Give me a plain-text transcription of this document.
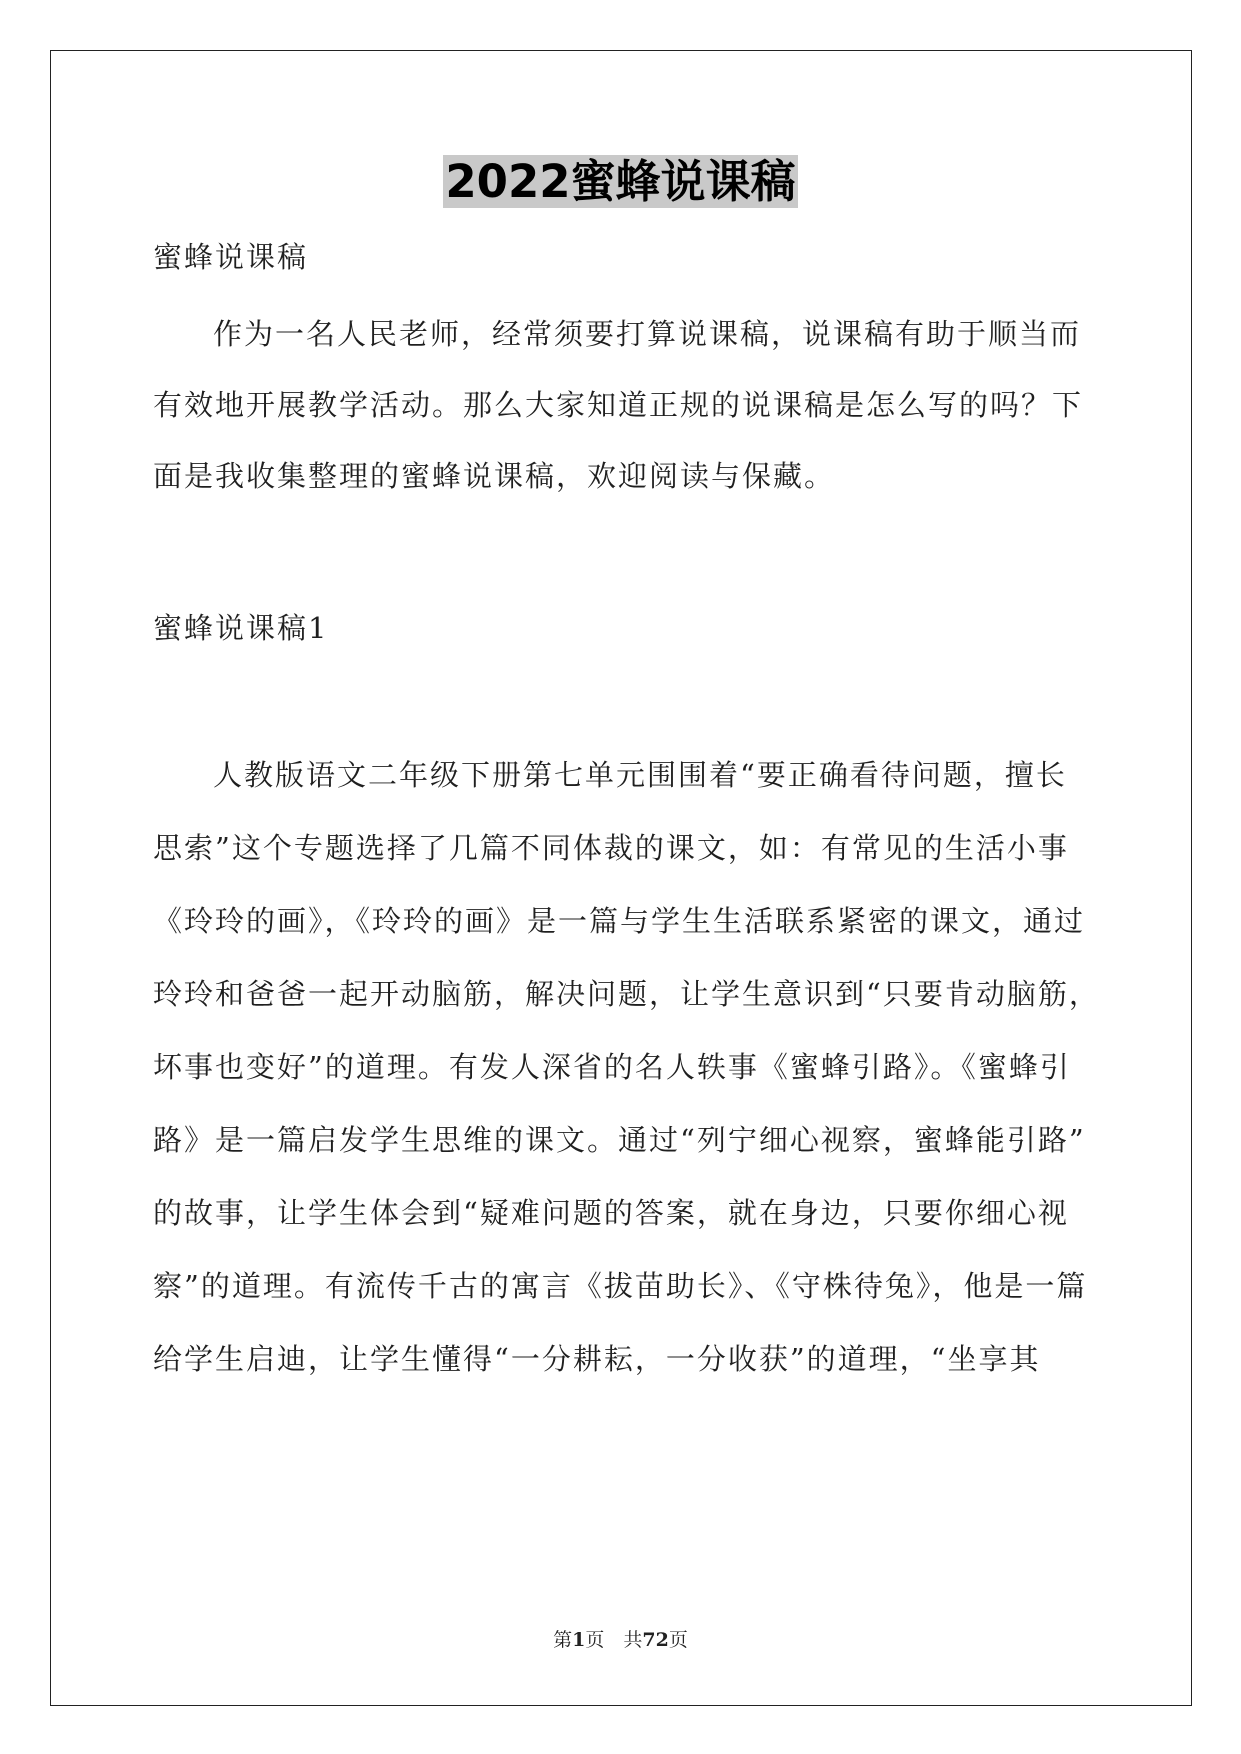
2022蜜蜂说课稿
蜜蜂说课稿
作为一名人民老师，经常须要打算说课稿，说课稿有助于顺当而
有效地开展教学活动。那么大家知道正规的说课稿是怎么写的吗？下
面是我收集整理的蜜蜂说课稿，欢迎阅读与保藏。
蜜蜂说课稿1
人教版语文二年级下册第七单元围围着“要正确看待问题，擅长
思索”这个专题选择了几篇不同体裁的课文，如：有常见的生活小事
《玲玲的画》，《玲玲的画》是一篇与学生生活联系紧密的课文，通过
玲玲和爸爸一起开动脑筋，解决问题，让学生意识到“只要肯动脑筋，
坏事也变好”的道理。有发人深省的名人轶事《蜜蜂引路》。《蜜蜂引
路》是一篇启发学生思维的课文。通过“列宁细心视察，蜜蜂能引路”
的故事，让学生体会到“疑难问题的答案，就在身边，只要你细心视
察”的道理。有流传千古的寓言《拔苗助长》、《守株待兔》，他是一篇
给学生启迪，让学生懂得“一分耕耘，一分收获”的道理，“坐享其
第1页　共72页
